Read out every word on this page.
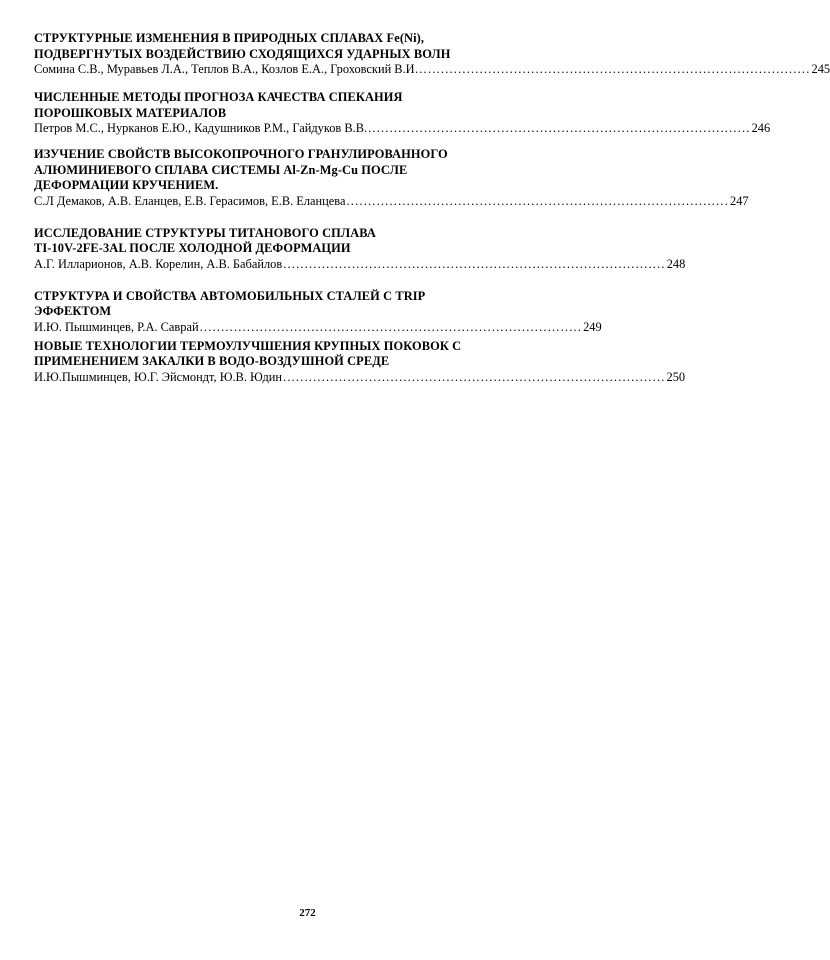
СТРУКТУРНЫЕ ИЗМЕНЕНИЯ В ПРИРОДНЫХ СПЛАВАХ Fe(Ni),
ПОДВЕРГНУТЫХ ВОЗДЕЙСТВИЮ СХОДЯЩИХСЯ УДАРНЫХ ВОЛН
Сомина С.В., Муравьев Л.А., Теплов В.А., Козлов Е.А., Гроховский В.И… ......................................................................................... 245
ЧИСЛЕННЫЕ МЕТОДЫ ПРОГНОЗА КАЧЕСТВА СПЕКАНИЯ
ПОРОШКОВЫХ МАТЕРИАЛОВ
Петров М.С., Нурканов Е.Ю., Кадушников Р.М., Гайдуков В.В. ......................................................................................... 246
ИЗУЧЕНИЕ СВОЙСТВ ВЫСОКОПРОЧНОГО ГРАНУЛИРОВАННОГО
АЛЮМИНИЕВОГО СПЛАВА СИСТЕМЫ Al-Zn-Mg-Cu ПОСЛЕ
ДЕФОРМАЦИИ КРУЧЕНИЕМ.
С.Л Демаков, А.В. Еланцев, Е.В. Герасимов, Е.В. Еланцева ......................................................................................... 247
ИССЛЕДОВАНИЕ СТРУКТУРЫ ТИТАНОВОГО СПЛАВА
TI-10V-2FE-3AL ПОСЛЕ ХОЛОДНОЙ ДЕФОРМАЦИИ
А.Г. Илларионов, А.В. Корелин, А.В. Бабайлов ......................................................................................... 248
СТРУКТУРА И СВОЙСТВА АВТОМОБИЛЬНЫХ СТАЛЕЙ С TRIP
ЭФФЕКТОМ
И.Ю. Пышминцев, Р.А. Саврай ......................................................................................... 249
НОВЫЕ ТЕХНОЛОГИИ ТЕРМОУЛУЧШЕНИЯ КРУПНЫХ ПОКОВОК С
ПРИМЕНЕНИЕМ ЗАКАЛКИ В ВОДО-ВОЗДУШНОЙ СРЕДЕ
И.Ю.Пышминцев, Ю.Г. Эйсмондт, Ю.В. Юдин ......................................................................................... 250
272
